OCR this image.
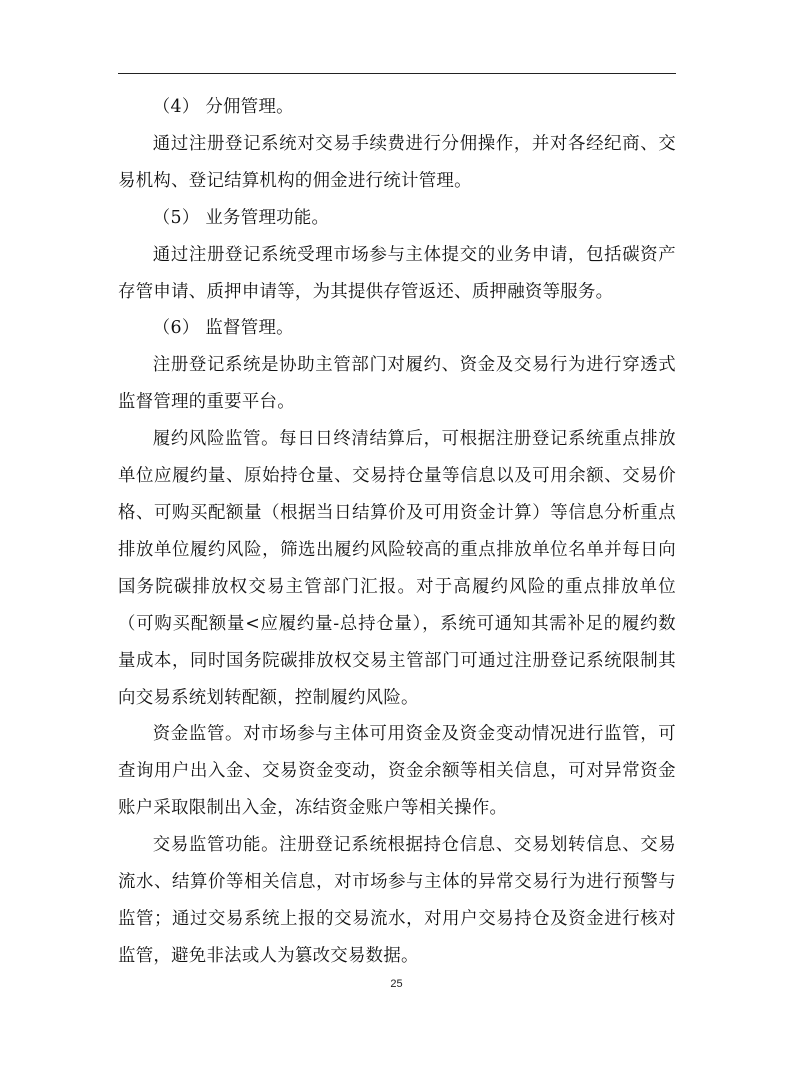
（4） 分佣管理。

通过注册登记系统对交易手续费进行分佣操作，并对各经纪商、交易机构、登记结算机构的佣金进行统计管理。

（5） 业务管理功能。

通过注册登记系统受理市场参与主体提交的业务申请，包括碳资产存管申请、质押申请等，为其提供存管返还、质押融资等服务。

（6） 监督管理。

注册登记系统是协助主管部门对履约、资金及交易行为进行穿透式监督管理的重要平台。

履约风险监管。每日日终清结算后，可根据注册登记系统重点排放单位应履约量、原始持仓量、交易持仓量等信息以及可用余额、交易价格、可购买配额量（根据当日结算价及可用资金计算）等信息分析重点排放单位履约风险，筛选出履约风险较高的重点排放单位名单并每日向国务院碳排放权交易主管部门汇报。对于高履约风险的重点排放单位（可购买配额量<应履约量-总持仓量），系统可通知其需补足的履约数量成本，同时国务院碳排放权交易主管部门可通过注册登记系统限制其向交易系统划转配额，控制履约风险。

资金监管。对市场参与主体可用资金及资金变动情况进行监管，可查询用户出入金、交易资金变动，资金余额等相关信息，可对异常资金账户采取限制出入金，冻结资金账户等相关操作。

交易监管功能。注册登记系统根据持仓信息、交易划转信息、交易流水、结算价等相关信息，对市场参与主体的异常交易行为进行预警与监管；通过交易系统上报的交易流水，对用户交易持仓及资金进行核对监管，避免非法或人为篡改交易数据。

25
